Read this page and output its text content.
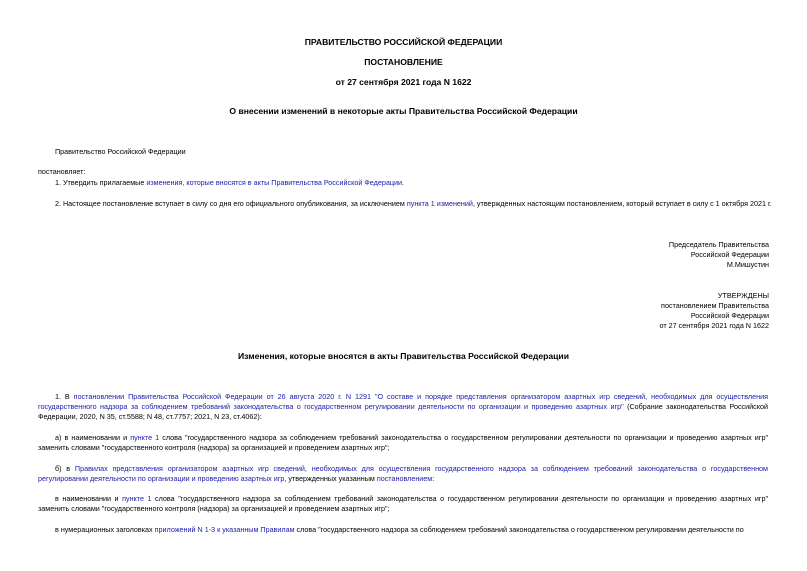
ПРАВИТЕЛЬСТВО РОССИЙСКОЙ ФЕДЕРАЦИИ
ПОСТАНОВЛЕНИЕ
от 27 сентября 2021 года N 1622
О внесении изменений в некоторые акты Правительства Российской Федерации
Правительство Российской Федерации
постановляет:
1. Утвердить прилагаемые изменения, которые вносятся в акты Правительства Российской Федерации.
2. Настоящее постановление вступает в силу со дня его официального опубликования, за исключением пункта 1 изменений, утвержденных настоящим постановлением, который вступает в силу с 1 октября 2021 г.
Председатель Правительства
Российской Федерации
М.Мишустин
УТВЕРЖДЕНЫ
постановлением Правительства
Российской Федерации
от 27 сентября 2021 года N 1622
Изменения, которые вносятся в акты Правительства Российской Федерации
1. В постановлении Правительства Российской Федерации от 26 августа 2020 г. N 1291 "О составе и порядке представления организатором азартных игр сведений, необходимых для осуществления государственного надзора за соблюдением требований законодательства о государственном регулировании деятельности по организации и проведению азартных игр" (Собрание законодательства Российской Федерации, 2020, N 35, ст.5588; N 48, ст.7757; 2021, N 23, ст.4062):
а) в наименовании и пункте 1 слова "государственного надзора за соблюдением требований законодательства о государственном регулировании деятельности по организации и проведению азартных игр" заменить словами "государственного контроля (надзора) за организацией и проведением азартных игр";
б) в Правилах представления организатором азартных игр сведений, необходимых для осуществления государственного надзора за соблюдением требований законодательства о государственном регулировании деятельности по организации и проведению азартных игр, утвержденных указанным постановлением:
в наименовании и пункте 1 слова "государственного надзора за соблюдением требований законодательства о государственном регулировании деятельности по организации и проведению азартных игр" заменить словами "государственного контроля (надзора) за организацией и проведением азартных игр";
в нумерационных заголовках приложений N 1-3 к указанным Правилам слова "государственного надзора за соблюдением требований законодательства о государственном регулировании деятельности по
